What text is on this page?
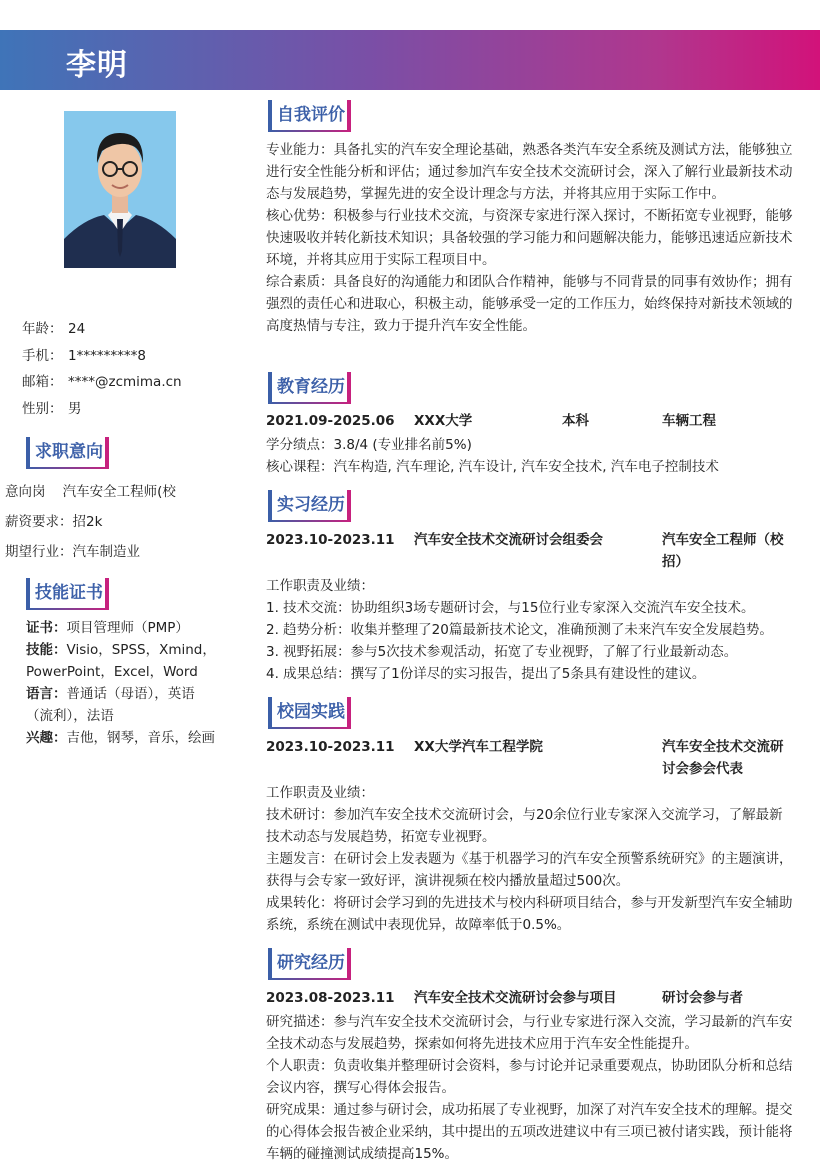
李明
年龄： 24
手机： 1*********8
邮箱： ****@zcmima.cn
性别： 男
求职意向
意向岗    汽车安全工程师(校
薪资要求：招2k
期望行业：汽车制造业
技能证书
证书：项目管理师（PMP）
技能：Visio，SPSS，Xmind，PowerPoint，Excel，Word
语言：普通话（母语），英语（流利），法语
兴趣：吉他，钢琴，音乐，绘画
自我评价

专业能力：具备扎实的汽车安全理论基础，熟悉各类汽车安全系统及测试方法，能够独立进行安全性能分析和评估；通过参加汽车安全技术交流研讨会，深入了解行业最新技术动态与发展趋势，掌握先进的安全设计理念与方法，并将其应用于实际工作中。

核心优势：积极参与行业技术交流，与资深专家进行深入探讨，不断拓宽专业视野，能够快速吸收并转化新技术知识；具备较强的学习能力和问题解决能力，能够迅速适应新技术环境，并将其应用于实际工程项目中。

综合素质：具备良好的沟通能力和团队合作精神，能够与不同背景的同事有效协作；拥有强烈的责任心和进取心，积极主动，能够承受一定的工作压力，始终保持对新技术领域的高度热情与专注，致力于提升汽车安全性能。

教育经历
2021.09-2025.06 XXX大学	本科	车辆工程
学分绩点：3.8/4 (专业排名前5%)
核心课程：汽车构造, 汽车理论, 汽车设计, 汽车安全技术, 汽车电子控制技术
实习经历
2023.10-2023.11 汽车安全技术交流研讨会组委会	汽车安全工程师（校招）
工作职责及业绩：
1. 技术交流：协助组织3场专题研讨会，与15位行业专家深入交流汽车安全技术。
2. 趋势分析：收集并整理了20篇最新技术论文，准确预测了未来汽车安全发展趋势。
3. 视野拓展：参与5次技术参观活动，拓宽了专业视野，了解了行业最新动态。
4. 成果总结：撰写了1份详尽的实习报告，提出了5条具有建设性的建议。
校园实践
2023.10-2023.11 XX大学汽车工程学院	汽车安全技术交流研讨会参会代表
工作职责及业绩：

技术研讨：参加汽车安全技术交流研讨会，与20余位行业专家深入交流学习，了解最新技术动态与发展趋势，拓宽专业视野。

主题发言：在研讨会上发表题为《基于机器学习的汽车安全预警系统研究》的主题演讲，获得与会专家一致好评，演讲视频在校内播放量超过500次。

成果转化：将研讨会学习到的先进技术与校内科研项目结合，参与开发新型汽车安全辅助系统，系统在测试中表现优异，故障率低于0.5%。

研究经历
2023.08-2023.11 汽车安全技术交流研讨会参与项目	研讨会参与者

研究描述：参与汽车安全技术交流研讨会，与行业专家进行深入交流，学习最新的汽车安全技术动态与发展趋势，探索如何将先进技术应用于汽车安全性能提升。

个人职责：负责收集并整理研讨会资料，参与讨论并记录重要观点，协助团队分析和总结会议内容，撰写心得体会报告。

研究成果：通过参与研讨会，成功拓展了专业视野，加深了对汽车安全技术的理解。提交的心得体会报告被企业采纳，其中提出的五项改进建议中有三项已被付诸实践，预计能将车辆的碰撞测试成绩提高15%。
